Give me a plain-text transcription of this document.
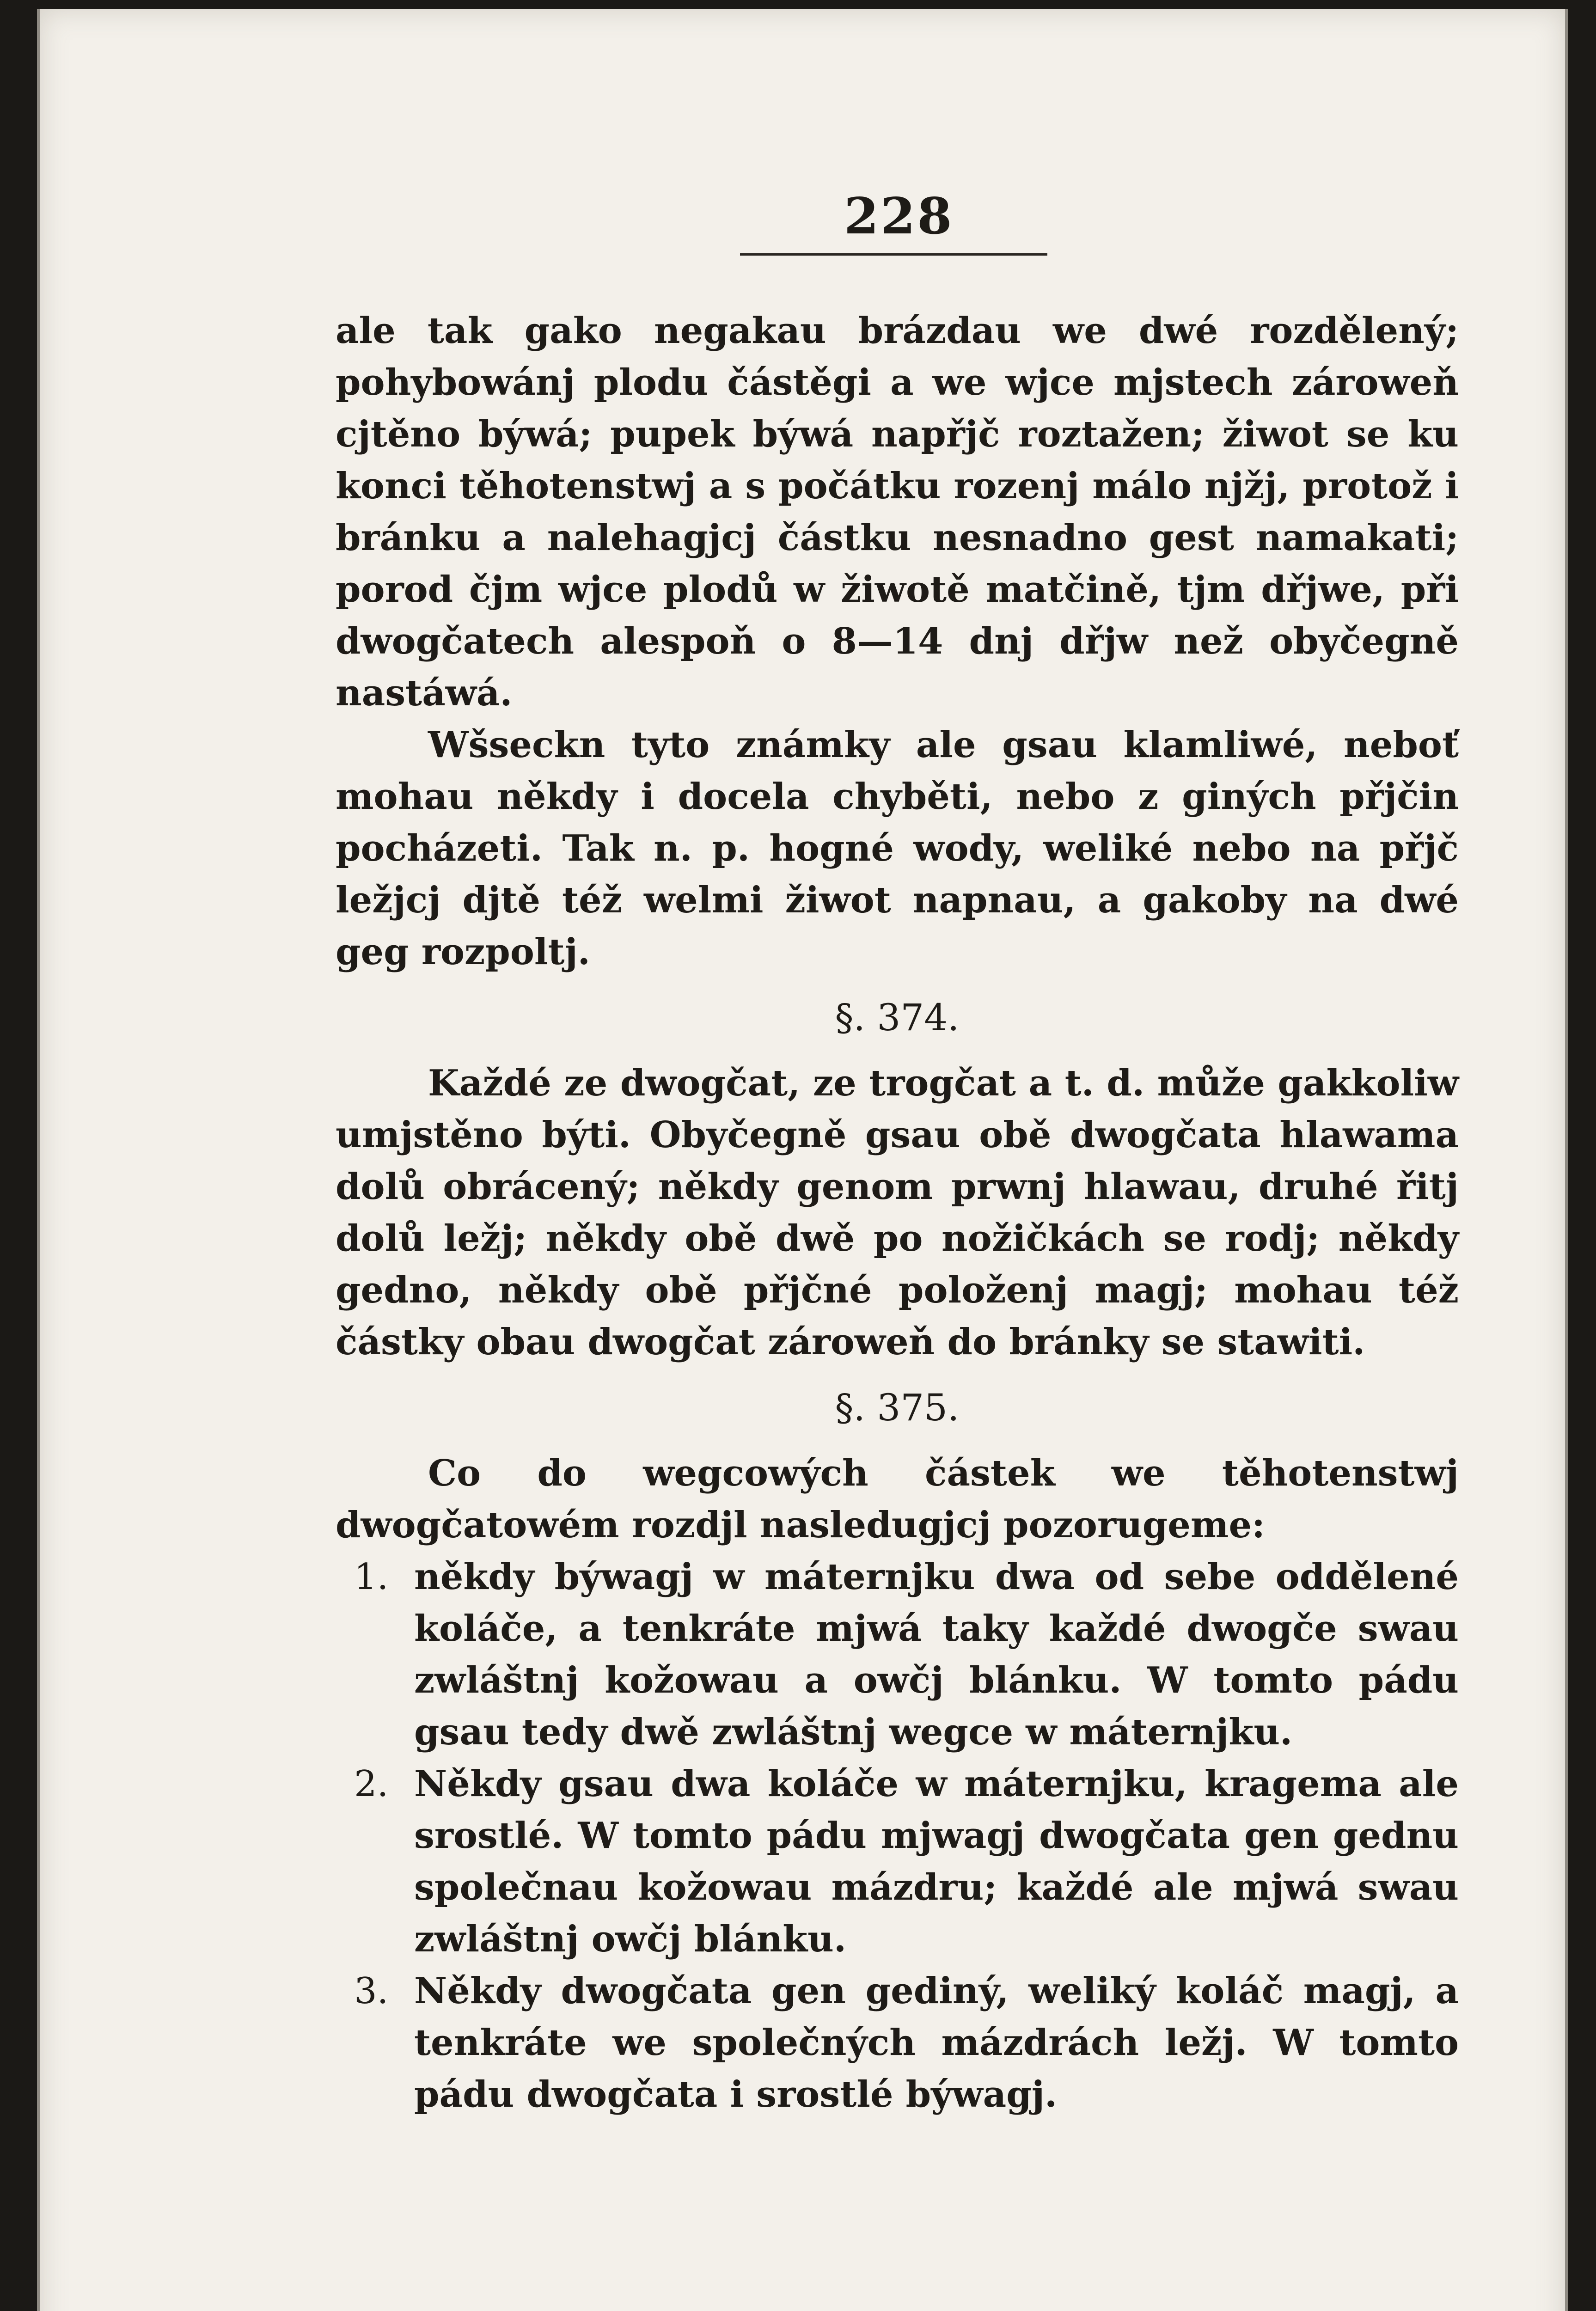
228

ale tak gako negakau brázdau we dwé rozdělený; pohybowánj plodu částěgi a we wjce mjstech zároweň cjtěno býwá; pupek býwá napřjč roztažen; žiwot se ku konci těhotenstwj a s počátku rozenj málo njžj, protož i bránku a nalehagjcj částku nesnadno gest namakati; porod čjm wjce plodů w žiwotě matčině, tjm dřjwe, při dwogčatech alespoň o 8—14 dnj dřjw než obyčegně nastáwá.

Wšseckn tyto známky ale gsau klamliwé, neboť mohau někdy i docela chyběti, nebo z giných přjčin pocházeti. Tak n. p. hogné wody, weliké nebo na přjč ležjcj djtě též welmi žiwot napnau, a gakoby na dwé geg rozpoltj.

§. 374.

Každé ze dwogčat, ze trogčat a t. d. může gakkoliw umjstěno býti. Obyčegně gsau obě dwogčata hlawama dolů obrácený; někdy genom prwnj hlawau, druhé řitj dolů ležj; někdy obě dwě po nožičkách se rodj; někdy gedno, někdy obě přjčné položenj magj; mohau též částky obau dwogčat zároweň do bránky se stawiti.

§. 375.

Co do wegcowých částek we těhotenstwj dwogčatowém rozdjl nasledugjcj pozorugeme:

1. někdy býwagj w máternjku dwa od sebe oddělené koláče, a tenkráte mjwá taky každé dwogče swau zwláštnj kožowau a owčj blánku. W tomto pádu gsau tedy dwě zwláštnj wegce w máternjku.
2. Někdy gsau dwa koláče w máternjku, kragema ale srostlé. W tomto pádu mjwagj dwogčata gen gednu společnau kožowau mázdru; každé ale mjwá swau zwláštnj owčj blánku.
3. Někdy dwogčata gen gediný, weliký koláč magj, a tenkráte we společných mázdrách ležj. W tomto pádu dwogčata i srostlé býwagj.
